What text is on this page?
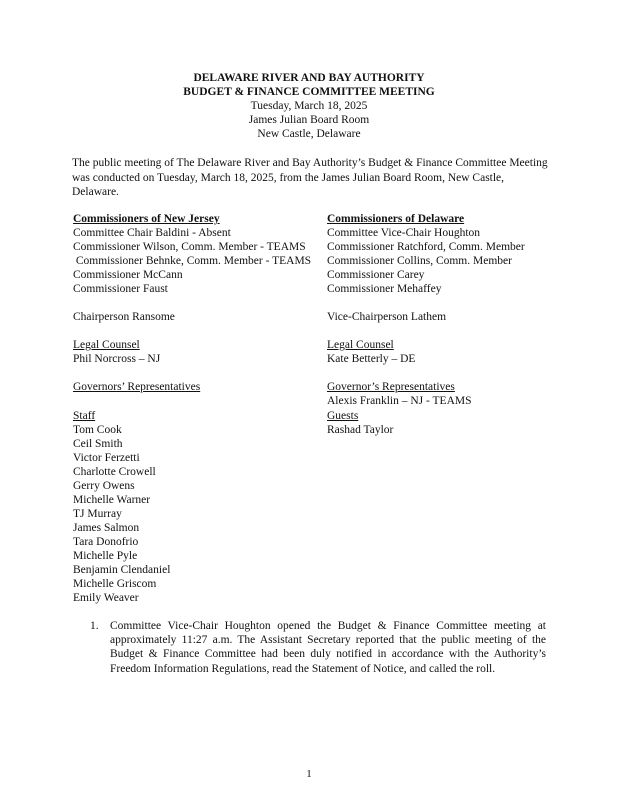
DELAWARE RIVER AND BAY AUTHORITY
BUDGET & FINANCE COMMITTEE MEETING
Tuesday, March 18, 2025
James Julian Board Room
New Castle, Delaware
The public meeting of The Delaware River and Bay Authority’s Budget & Finance Committee Meeting was conducted on Tuesday, March 18, 2025, from the James Julian Board Room, New Castle, Delaware.
Commissioners of New Jersey
Committee Chair Baldini - Absent
Commissioner Wilson, Comm. Member - TEAMS
Commissioner Behnke, Comm. Member - TEAMS
Commissioner McCann
Commissioner Faust
Chairperson Ransome
Legal Counsel
Phil Norcross – NJ
Governors’ Representatives
Commissioners of Delaware
Committee Vice-Chair Houghton
Commissioner Ratchford, Comm. Member
Commissioner Collins, Comm. Member
Commissioner Carey
Commissioner Mehaffey
Vice-Chairperson Lathem
Legal Counsel
Kate Betterly – DE
Governor’s Representatives
Alexis Franklin – NJ - TEAMS
Staff
Tom Cook
Ceil Smith
Victor Ferzetti
Charlotte Crowell
Gerry Owens
Michelle Warner
TJ Murray
James Salmon
Tara Donofrio
Michelle Pyle
Benjamin Clendaniel
Michelle Griscom
Emily Weaver
Guests
Rashad Taylor
1. Committee Vice-Chair Houghton opened the Budget & Finance Committee meeting at approximately 11:27 a.m. The Assistant Secretary reported that the public meeting of the Budget & Finance Committee had been duly notified in accordance with the Authority’s Freedom Information Regulations, read the Statement of Notice, and called the roll.
1
